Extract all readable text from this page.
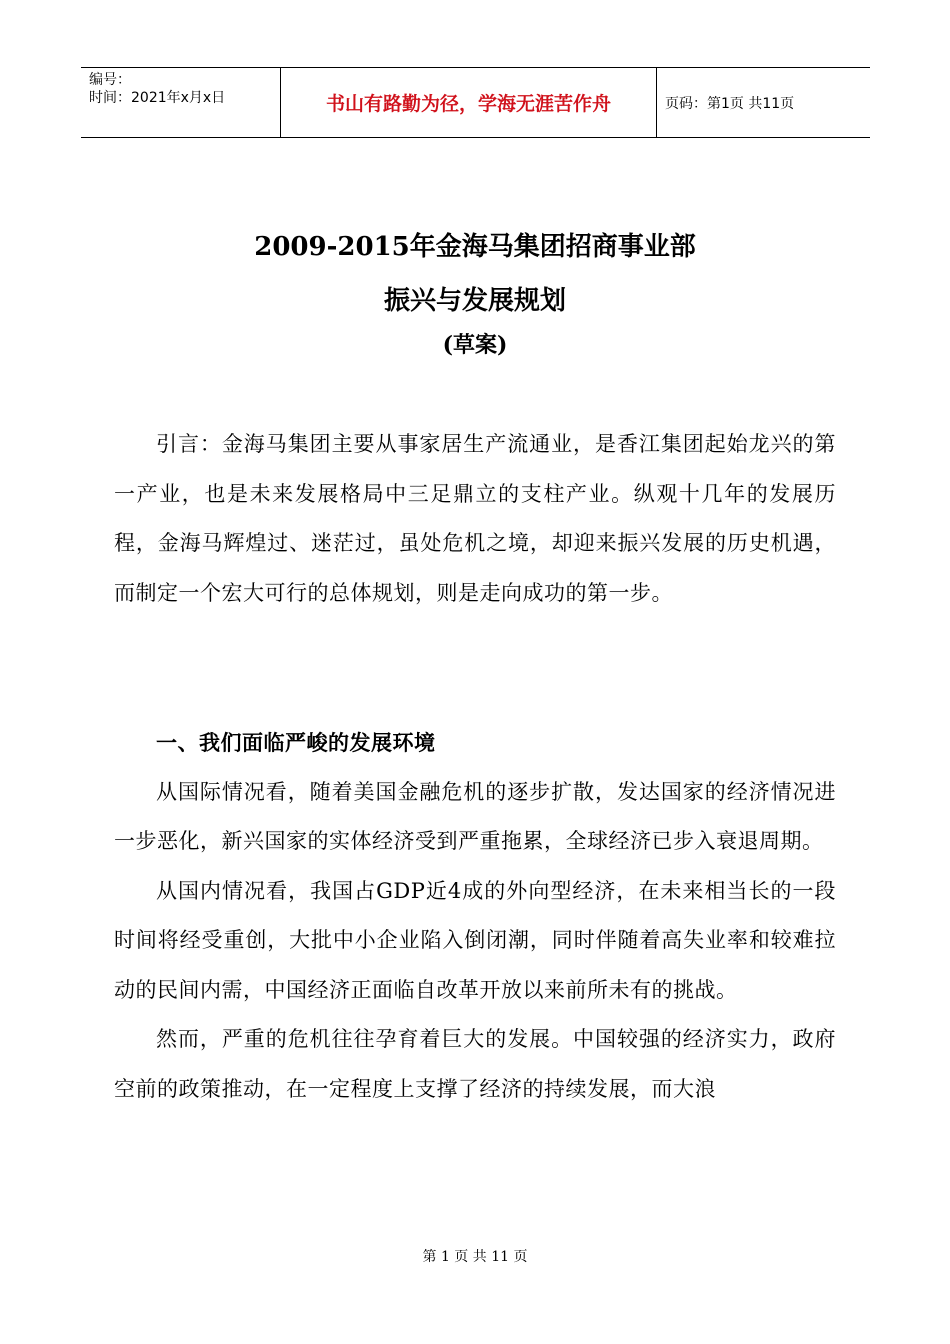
编号：
时间：2021年x月x日	书山有路勤为径，学海无涯苦作舟	页码：第1页 共11页
2009-2015年金海马集团招商事业部
振兴与发展规划
(草案)

引言：金海马集团主要从事家居生产流通业，是香江集团起始龙兴的第一产业，也是未来发展格局中三足鼎立的支柱产业。纵观十几年的发展历程，金海马辉煌过、迷茫过，虽处危机之境，却迎来振兴发展的历史机遇，而制定一个宏大可行的总体规划，则是走向成功的第一步。

一、我们面临严峻的发展环境

从国际情况看，随着美国金融危机的逐步扩散，发达国家的经济情况进一步恶化，新兴国家的实体经济受到严重拖累，全球经济已步入衰退周期。

从国内情况看，我国占GDP近4成的外向型经济，在未来相当长的一段时间将经受重创，大批中小企业陷入倒闭潮，同时伴随着高失业率和较难拉动的民间内需，中国经济正面临自改革开放以来前所未有的挑战。

然而，严重的危机往往孕育着巨大的发展。中国较强的经济实力，政府空前的政策推动，在一定程度上支撑了经济的持续发展，而大浪

第 1 页 共 11 页
